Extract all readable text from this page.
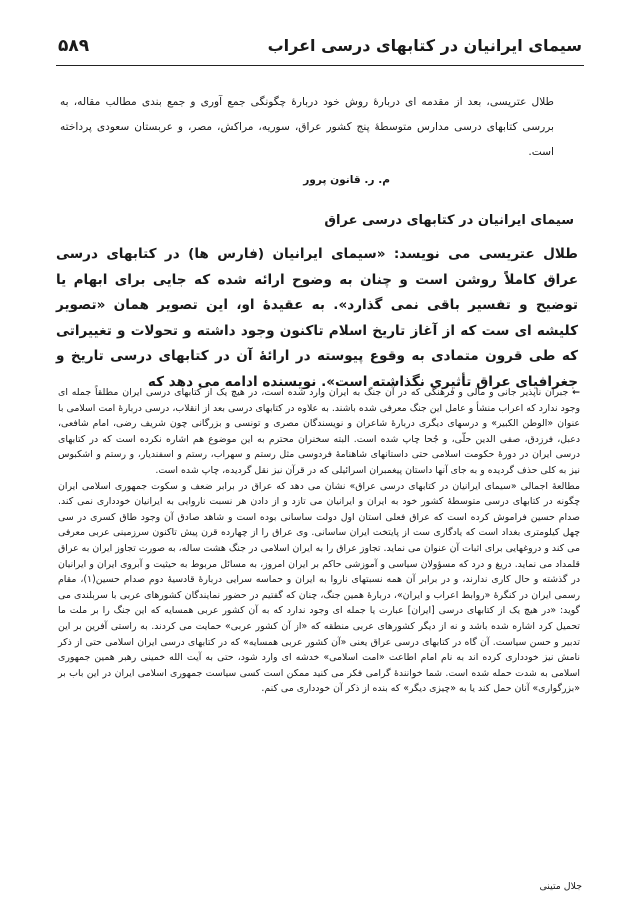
۵۸۹	سیمای ایرانیان در کتابهای درسی اعراب
طلال عتریسی، بعد از مقدمه ای دربارۀ روش خود دربارۀ چگونگی جمع آوری و جمع بندی مطالب مقاله، به بررسی کتابهای درسی مدارس متوسطۀ پنج کشور عراق، سوریه، مراکش، مصر، و عربستان سعودی پرداخته است.
م. ر. قانون پرور
سیمای ایرانیان در کتابهای درسی عراق
طلال عتریسی می نویسد: «سیمای ایرانیان (فارس ها) در کتابهای درسی عراق کاملاً روشن است و چنان به وضوح ارائه شده که جایی برای ابهام یا توضیح و تفسیر باقی نمی گذارد». به عقیدۀ او، این تصویر همان «تصویر کلیشه ای ست که از آغاز تاریخ اسلام تاکنون وجود داشته و تحولات و تغییراتی که طی قرون متمادی به وقوع پیوسته در ارائۀ آن در کتابهای درسی تاریخ و جغرافیای عراق تأثیری نگذاشته است». نویسنده ادامه می دهد که

← جبران ناپذیر جانی و مالی و فرهنگی که در آن جنگ به ایران وارد شده است، در هیچ یک از کتابهای درسی ایران مطلقاً جمله ای وجود ندارد که اعراب منشأ و عامل این جنگ معرفی شده باشند. به علاوه در کتابهای درسی بعد از انقلاب، درسی دربارۀ امت اسلامی با عنوان «الوطن الکبیر» و درسهای دیگری دربارۀ شاعران و نویسندگان مصری و تونسی و بزرگانی چون شریف رضی، امام شافعی، دعبل، فرزدق، صفی الدین حلّی، و جُحا چاپ شده است. البته سخنران محترم به این موضوع هم اشاره نکرده است که در کتابهای درسی ایران در دورۀ حکومت اسلامی حتی داستانهای شاهنامۀ فردوسی مثل رستم و سهراب، رستم و اسفندیار، و رستم و اشکبوس نیز به کلی حذف گردیده و به جای آنها داستان پیغمبران اسرائیلی که در قرآن نیز نقل گردیده، چاپ شده است.

مطالعۀ اجمالی «سیمای ایرانیان در کتابهای درسی عراق» نشان می دهد که عراق در برابر ضعف و سکوت جمهوری اسلامی ایران چگونه در کتابهای درسی متوسطۀ کشور خود به ایران و ایرانیان می تازد و از دادن هر نسبت ناروایی به ایرانیان خودداری نمی کند. صدام حسین فراموش کرده است که عراق فعلی استان اول دولت ساسانی بوده است و شاهد صادق آن وجود طاق کسری در سی چهل کیلومتری بغداد است که یادگاری ست از پایتخت ایران ساسانی. وی عراق را از چهارده قرن پیش تاکنون سرزمینی عربی معرفی می کند و دروغهایی برای اثبات آن عنوان می نماید. تجاوز عراق را به ایران اسلامی در جنگ هشت ساله، به صورت تجاوز ایران به عراق قلمداد می نماید. دریغ و درد که مسؤولان سیاسی و آموزشی حاکم بر ایران امروز، به مسائل مربوط به حیثیت و آبروی ایران و ایرانیان در گذشته و حال کاری ندارند، و در برابر آن همه نسبتهای ناروا به ایران و حماسه سرایی دربارۀ قادسیۀ دوم صدام حسین(۱)، مقام رسمی ایران در کنگرۀ «روابط اعراب و ایران»، دربارۀ همین جنگ، چنان که گفتیم در حضور نمایندگان کشورهای عربی با سربلندی می گوید: «در هیچ یک از کتابهای درسی [ایران] عبارت یا جمله ای وجود ندارد که به آن کشور عربی همسایه که این جنگ را بر ملت ما تحمیل کرد اشاره شده باشد و نه از دیگر کشورهای عربی منطقه که «از آن کشور عربی» حمایت می کردند. به راستی آفرین بر این تدبیر و حسن سیاست. آن گاه در کتابهای درسی عراق یعنی «آن کشور عربی همسایه» که در کتابهای درسی ایران اسلامی حتی از ذکر نامش نیز خودداری کرده اند به نام امام اطاعت «امت اسلامی» خدشه ای وارد شود، حتی به آیت الله خمینی رهبر همین جمهوری اسلامی به شدت حمله شده است. شما خوانندۀ گرامی فکر می کنید ممکن است کسی سیاست جمهوری اسلامی ایران در این باب بر «بزرگواری» آنان حمل کند یا به «چیزی دیگر» که بنده از ذکر آن خودداری می کنم.

جلال متینی
